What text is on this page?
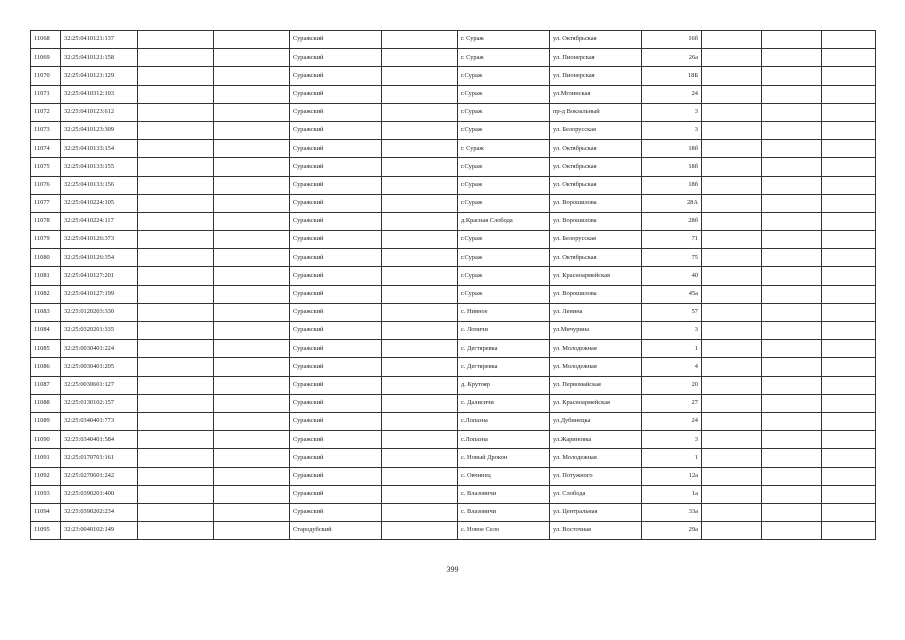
11068	32:25:0410121:137			Суражский		г. Сураж	ул. Октябрьская	16б			
11069	32:25:0410121:158			Суражский		г. Сураж	ул. Пионерская	26а			
11070	32:25:0410121:129			Суражский		г.Сураж	ул. Пионерская	18Б			
11071	32:25:0410312:103			Суражский		г.Сураж	ул.Мглинская	24			
11072	32:25:0410123:612			Суражский		г.Сураж	пр-д Вокзальный	3			
11073	32:25:0410123:309			Суражский		г.Сураж	ул. Белорусская	3			
11074	32:25:0410133:154			Суражский		г. Сураж	ул. Октябрьская	18б			
11075	32:25:0410133:155			Суражский		г.Сураж	ул. Октябрьская	18б			
11076	32:25:0410133:156			Суражский		г.Сураж	ул. Октябрьская	18б			
11077	32:25:0410224:105			Суражский		г.Сураж	ул. Ворошилова	28А			
11078	32:25:0410224:117			Суражский		д.Красная Слобода	ул. Ворошилова	28б			
11079	32:25:0410126:373			Суражский		г.Сураж	ул. Белорусская	71			
11080	32:25:0410126:354			Суражский		г.Сураж	ул. Октябрьская	75			
11081	32:25:0410127:201			Суражский		г.Сураж	ул. Красноармейская	40			
11082	32:25:0410127:199			Суражский		г.Сураж	ул. Ворошилова	45а			
11083	32:25:0120203:330			Суражский		с. Нивное	ул. Ленина	57			
11084	32:25:0320201:335			Суражский		с. Лопичи	ул.Мичурина	3			
11085	32:25:0030401:224			Суражский		с. Дегтяревка	ул. Молодежная	1			
11086	32:25:0030401:205			Суражский		с. Дегтяревка	ул. Молодежная	4			
11087	32:25:0030601:127			Суражский		д. Крутояр	ул. Первомайская	20			
11088	32:25:0130102:157			Суражский		с. Далисичи	ул. Красноармейская	27			
11089	32:25:0340401:773			Суражский		с.Лопазна	ул.Дубинецка	24			
11090	32:25:0340401:584			Суражский		с.Лопазна	ул.Жариновка	3			
11091	32:25:0170701:161			Суражский		с. Новый Дрокон	ул. Молодежная	1			
11092	32:25:0270601:242			Суражский		с. Овчинец	ул. Потужного	12а			
11093	32:25:0390201:400			Суражский		с. Влазовичи	ул. Слобода	1а			
11094	32:25:0390202:234			Суражский		с. Влазовичи	ул. Центральная	33а			
11095	32:23:0040102:149			Стародубский		с. Новое Село	ул. Восточная	29а			
399
